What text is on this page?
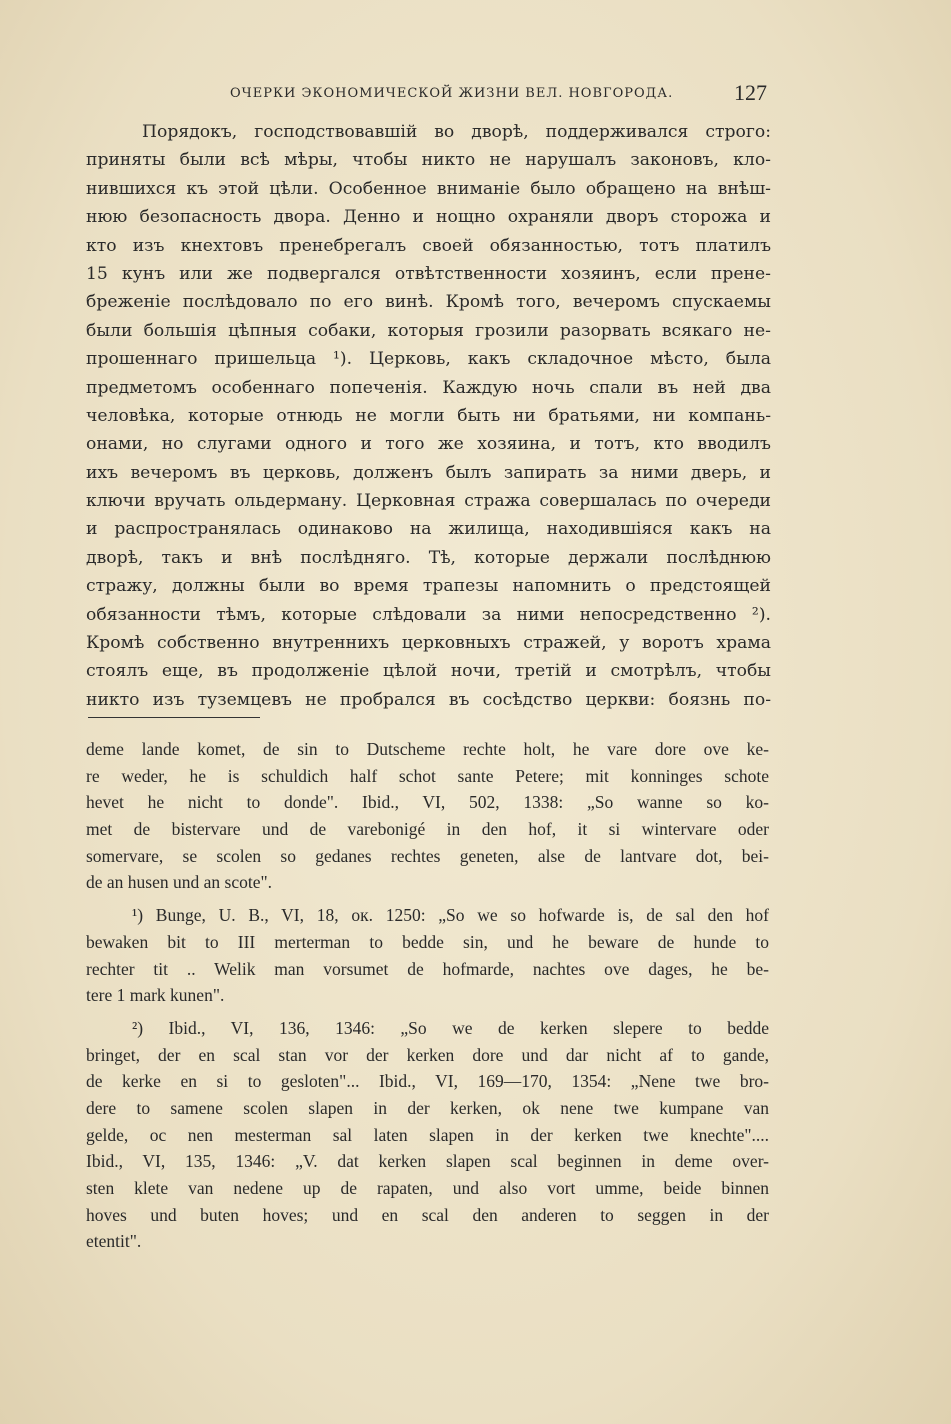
ОЧЕРКИ ЭКОНОМИЧЕСКОЙ ЖИЗНИ ВЕЛ. НОВГОРОДА.	127
Порядокъ, господствовавшій во дворѣ, поддерживался строго:
приняты были всѣ мѣры, чтобы никто не нарушалъ законовъ, кло-
нившихся къ этой цѣли. Особенное вниманіе было обращено на внѣш-
нюю безопасность двора. Денно и нощно охраняли дворъ сторожа и
кто изъ кнехтовъ пренебрегалъ своей обязанностью, тотъ платилъ
15 кунъ или же подвергался отвѣтственности хозяинъ, если прене-
бреженіе послѣдовало по его винѣ. Кромѣ того, вечеромъ спускаемы
были большія цѣпныя собаки, которыя грозили разорвать всякаго не-
прошеннаго пришельца ¹). Церковь, какъ складочное мѣсто, была
предметомъ особеннаго попеченія. Каждую ночь спали въ ней два
человѣка, которые отнюдь не могли быть ни братьями, ни компань-
онами, но слугами одного и того же хозяина, и тотъ, кто вводилъ
ихъ вечеромъ въ церковь, долженъ былъ запирать за ними дверь, и
ключи вручать ольдерману. Церковная стража совершалась по очереди
и распространялась одинаково на жилища, находившіяся какъ на
дворѣ, такъ и внѣ послѣдняго. Тѣ, которые держали послѣднюю
стражу, должны были во время трапезы напомнить о предстоящей
обязанности тѣмъ, которые слѣдовали за ними непосредственно ²).
Кромѣ собственно внутреннихъ церковныхъ стражей, у воротъ храма
стоялъ еще, въ продолженіе цѣлой ночи, третій и смотрѣлъ, чтобы
никто изъ туземцевъ не пробрался въ сосѣдство церкви: боязнь по-
deme lande komet, de sin to Dutscheme rechte holt, he vare dore ove ke-
re weder, he is schuldich half schot sante Petere; mit konninges schote
hevet he nicht to donde". Ibid., VI, 502, 1338: „So wanne so ko-
met de bistervare und de varebonigé in den hof, it si wintervare oder
somervare, se scolen so gedanes rechtes geneten, alse de lantvare dot, bei-
de an husen und an scote".
¹) Bunge, U. B., VI, 18, ок. 1250: „So we so hofwarde is, de sal den hof
bewaken bit to III merterman to bedde sin, und he beware de hunde to
rechter tit .. Welik man vorsumet de hofmarde, nachtes ove dages, he be-
tere 1 mark kunen".
²) Ibid., VI, 136, 1346: „So we de kerken slepere to bedde
bringet, der en scal stan vor der kerken dore und dar nicht af to gande,
de kerke en si to gesloten"... Ibid., VI, 169—170, 1354: „Nene twe bro-
dere to samene scolen slapen in der kerken, ok nene twe kumpane van
gelde, oc nen mesterman sal laten slapen in der kerken twe knechte"....
Ibid., VI, 135, 1346: „V. dat kerken slapen scal beginnen in deme over-
sten klete van nedene up de rapaten, und also vort umme, beide binnen
hoves und buten hoves; und en scal den anderen to seggen in der
etentit".
